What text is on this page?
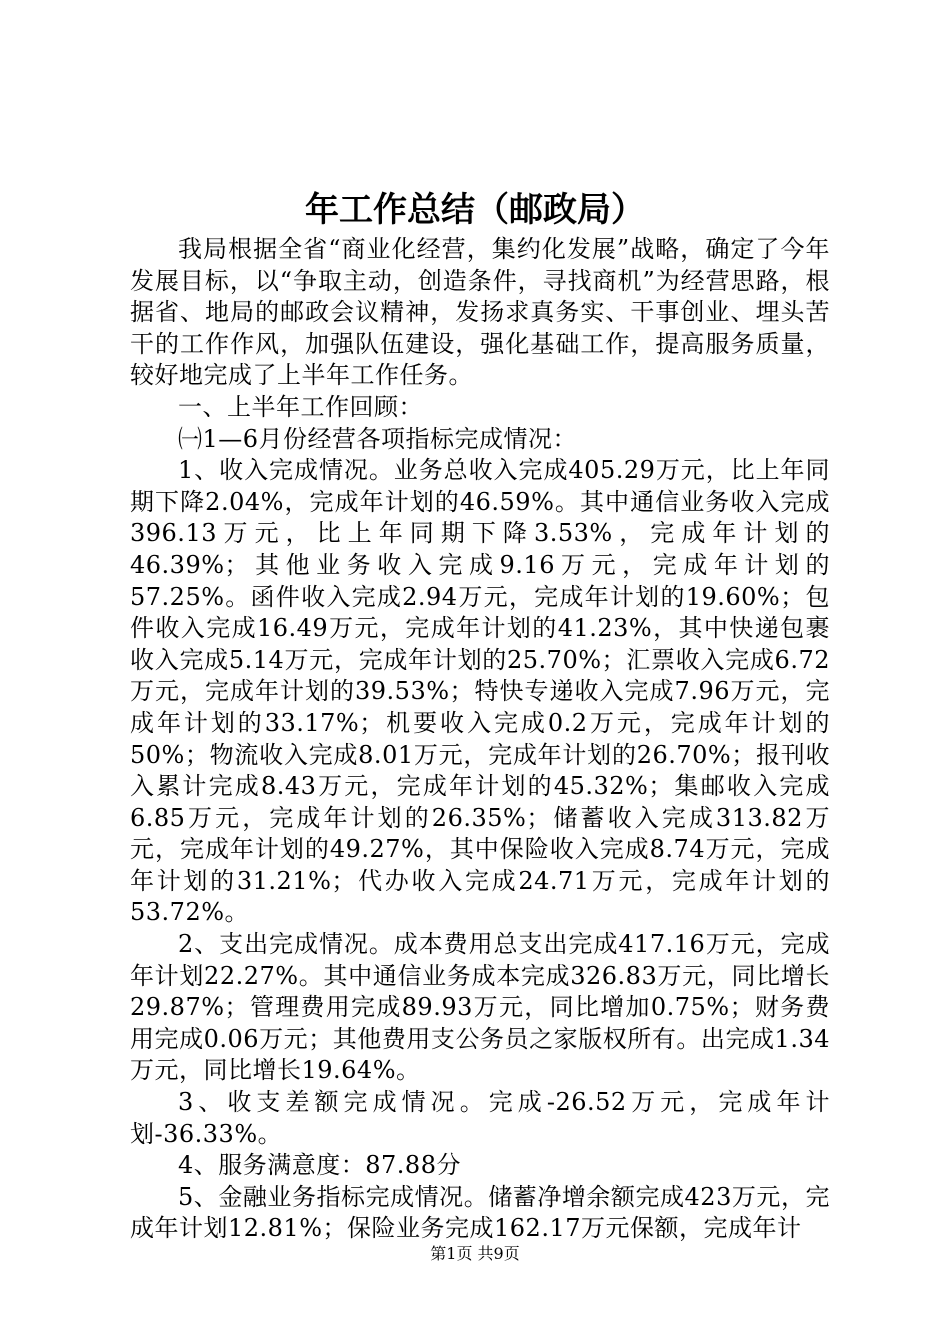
年工作总结（邮政局）

我局根据全省“商业化经营，集约化发展”战略，确定了今年发展目标，以“争取主动，创造条件，寻找商机”为经营思路，根据省、地局的邮政会议精神，发扬求真务实、干事创业、埋头苦干的工作作风，加强队伍建设，强化基础工作，提高服务质量，较好地完成了上半年工作任务。

一、上半年工作回顾：

㈠1—6月份经营各项指标完成情况：

1、收入完成情况。业务总收入完成405.29万元，比上年同期下降2.04%，完成年计划的46.59%。其中通信业务收入完成396.13万元，比上年同期下降3.53%，完成年计划的46.39%；其他业务收入完成9.16万元，完成年计划的57.25%。函件收入完成2.94万元，完成年计划的19.60%；包件收入完成16.49万元，完成年计划的41.23%，其中快递包裹收入完成5.14万元，完成年计划的25.70%；汇票收入完成6.72万元，完成年计划的39.53%；特快专递收入完成7.96万元，完成年计划的33.17%；机要收入完成0.2万元，完成年计划的50%；物流收入完成8.01万元，完成年计划的26.70%；报刊收入累计完成8.43万元，完成年计划的45.32%；集邮收入完成6.85万元，完成年计划的26.35%；储蓄收入完成313.82万元，完成年计划的49.27%，其中保险收入完成8.74万元，完成年计划的31.21%；代办收入完成24.71万元，完成年计划的53.72%。

2、支出完成情况。成本费用总支出完成417.16万元，完成年计划22.27%。其中通信业务成本完成326.83万元，同比增长29.87%；管理费用完成89.93万元，同比增加0.75%；财务费用完成0.06万元；其他费用支公务员之家版权所有。出完成1.34万元，同比增长19.64%。

3、收支差额完成情况。完成-26.52万元，完成年计划-36.33%。

4、服务满意度：87.88分

5、金融业务指标完成情况。储蓄净增余额完成423万元，完成年计划12.81%；保险业务完成162.17万元保额，完成年计

第1页 共9页
